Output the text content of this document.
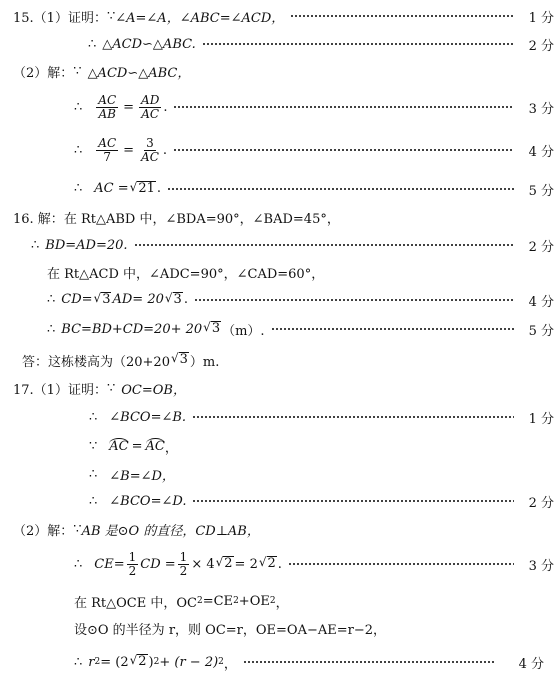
15.（1）证明： ∵ ∠A=∠A，∠ABC=∠ACD，	1 分
∴ △ACD∽△ABC.	2 分
（2）解： ∵ △ACD∽△ABC，
∴ $\frac{AC}{AB} = \frac{AD}{AC}$ .	3 分
∴ $\frac{AC}{7} = \frac{3}{AC}$ .	4 分
∴ AC = √ 21 .	5 分
16. 解： 在 Rt△ABD 中，∠BDA=90°，∠BAD=45°，
∴ BD=AD=20.	2 分
在 Rt△ACD 中，∠ADC=90°，∠CAD=60°，
∴ CD= √ 3 AD= 20 √ 3 .	4 分
∴ BC=BD+CD=20+ 20 √ 3 （m）.	5 分
答：这栋楼高为（20+20 √ 3 ）m.
17.（1）证明： ∵ OC=OB，
∴ ∠BCO=∠B.	1 分
∵ AC = AC ，
∴ ∠B=∠D，
∴ ∠BCO=∠D.	2 分
（2）解： ∵ AB 是⊙O 的直径，CD⊥AB，
∴ $CE= \frac{1}{2}$ CD = $\frac{1}{2} \times 4$ √ 2 = 2 √ 2 .	3 分
在 Rt△OCE 中，OC 2 =CE 2 +OE 2 ，
设⊙O 的半径为 r，则 OC=r，OE=OA−AE=r−2，
∴ r 2 = (2 √ 2 ) 2 + (r − 2) 2 ，	4 分
